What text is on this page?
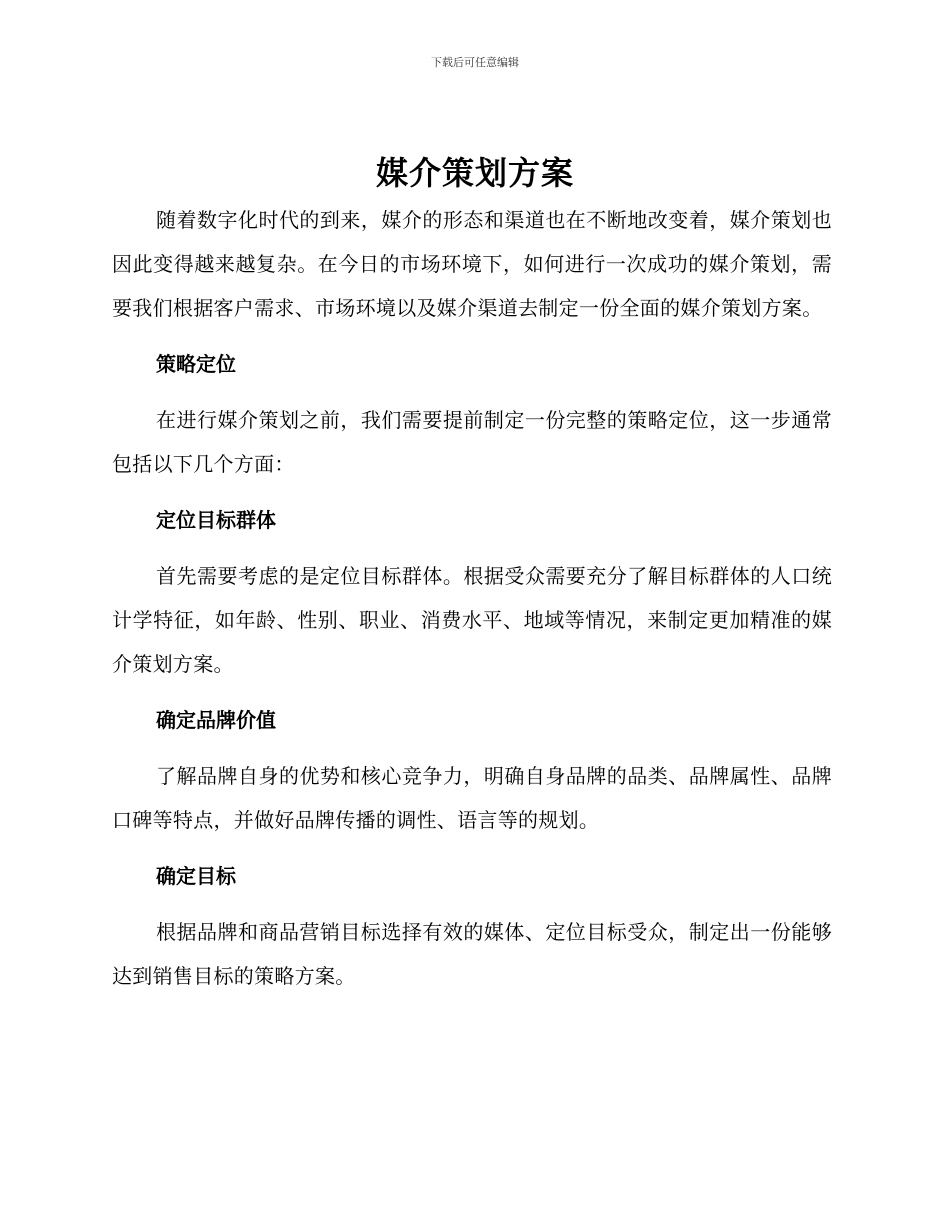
下载后可任意编辑
媒介策划方案

随着数字化时代的到来，媒介的形态和渠道也在不断地改变着，媒介策划也因此变得越来越复杂。在今日的市场环境下，如何进行一次成功的媒介策划，需要我们根据客户需求、市场环境以及媒介渠道去制定一份全面的媒介策划方案。

策略定位

在进行媒介策划之前，我们需要提前制定一份完整的策略定位，这一步通常包括以下几个方面：

定位目标群体

首先需要考虑的是定位目标群体。根据受众需要充分了解目标群体的人口统计学特征，如年龄、性别、职业、消费水平、地域等情况，来制定更加精准的媒介策划方案。

确定品牌价值

了解品牌自身的优势和核心竞争力，明确自身品牌的品类、品牌属性、品牌口碑等特点，并做好品牌传播的调性、语言等的规划。

确定目标

根据品牌和商品营销目标选择有效的媒体、定位目标受众，制定出一份能够达到销售目标的策略方案。
